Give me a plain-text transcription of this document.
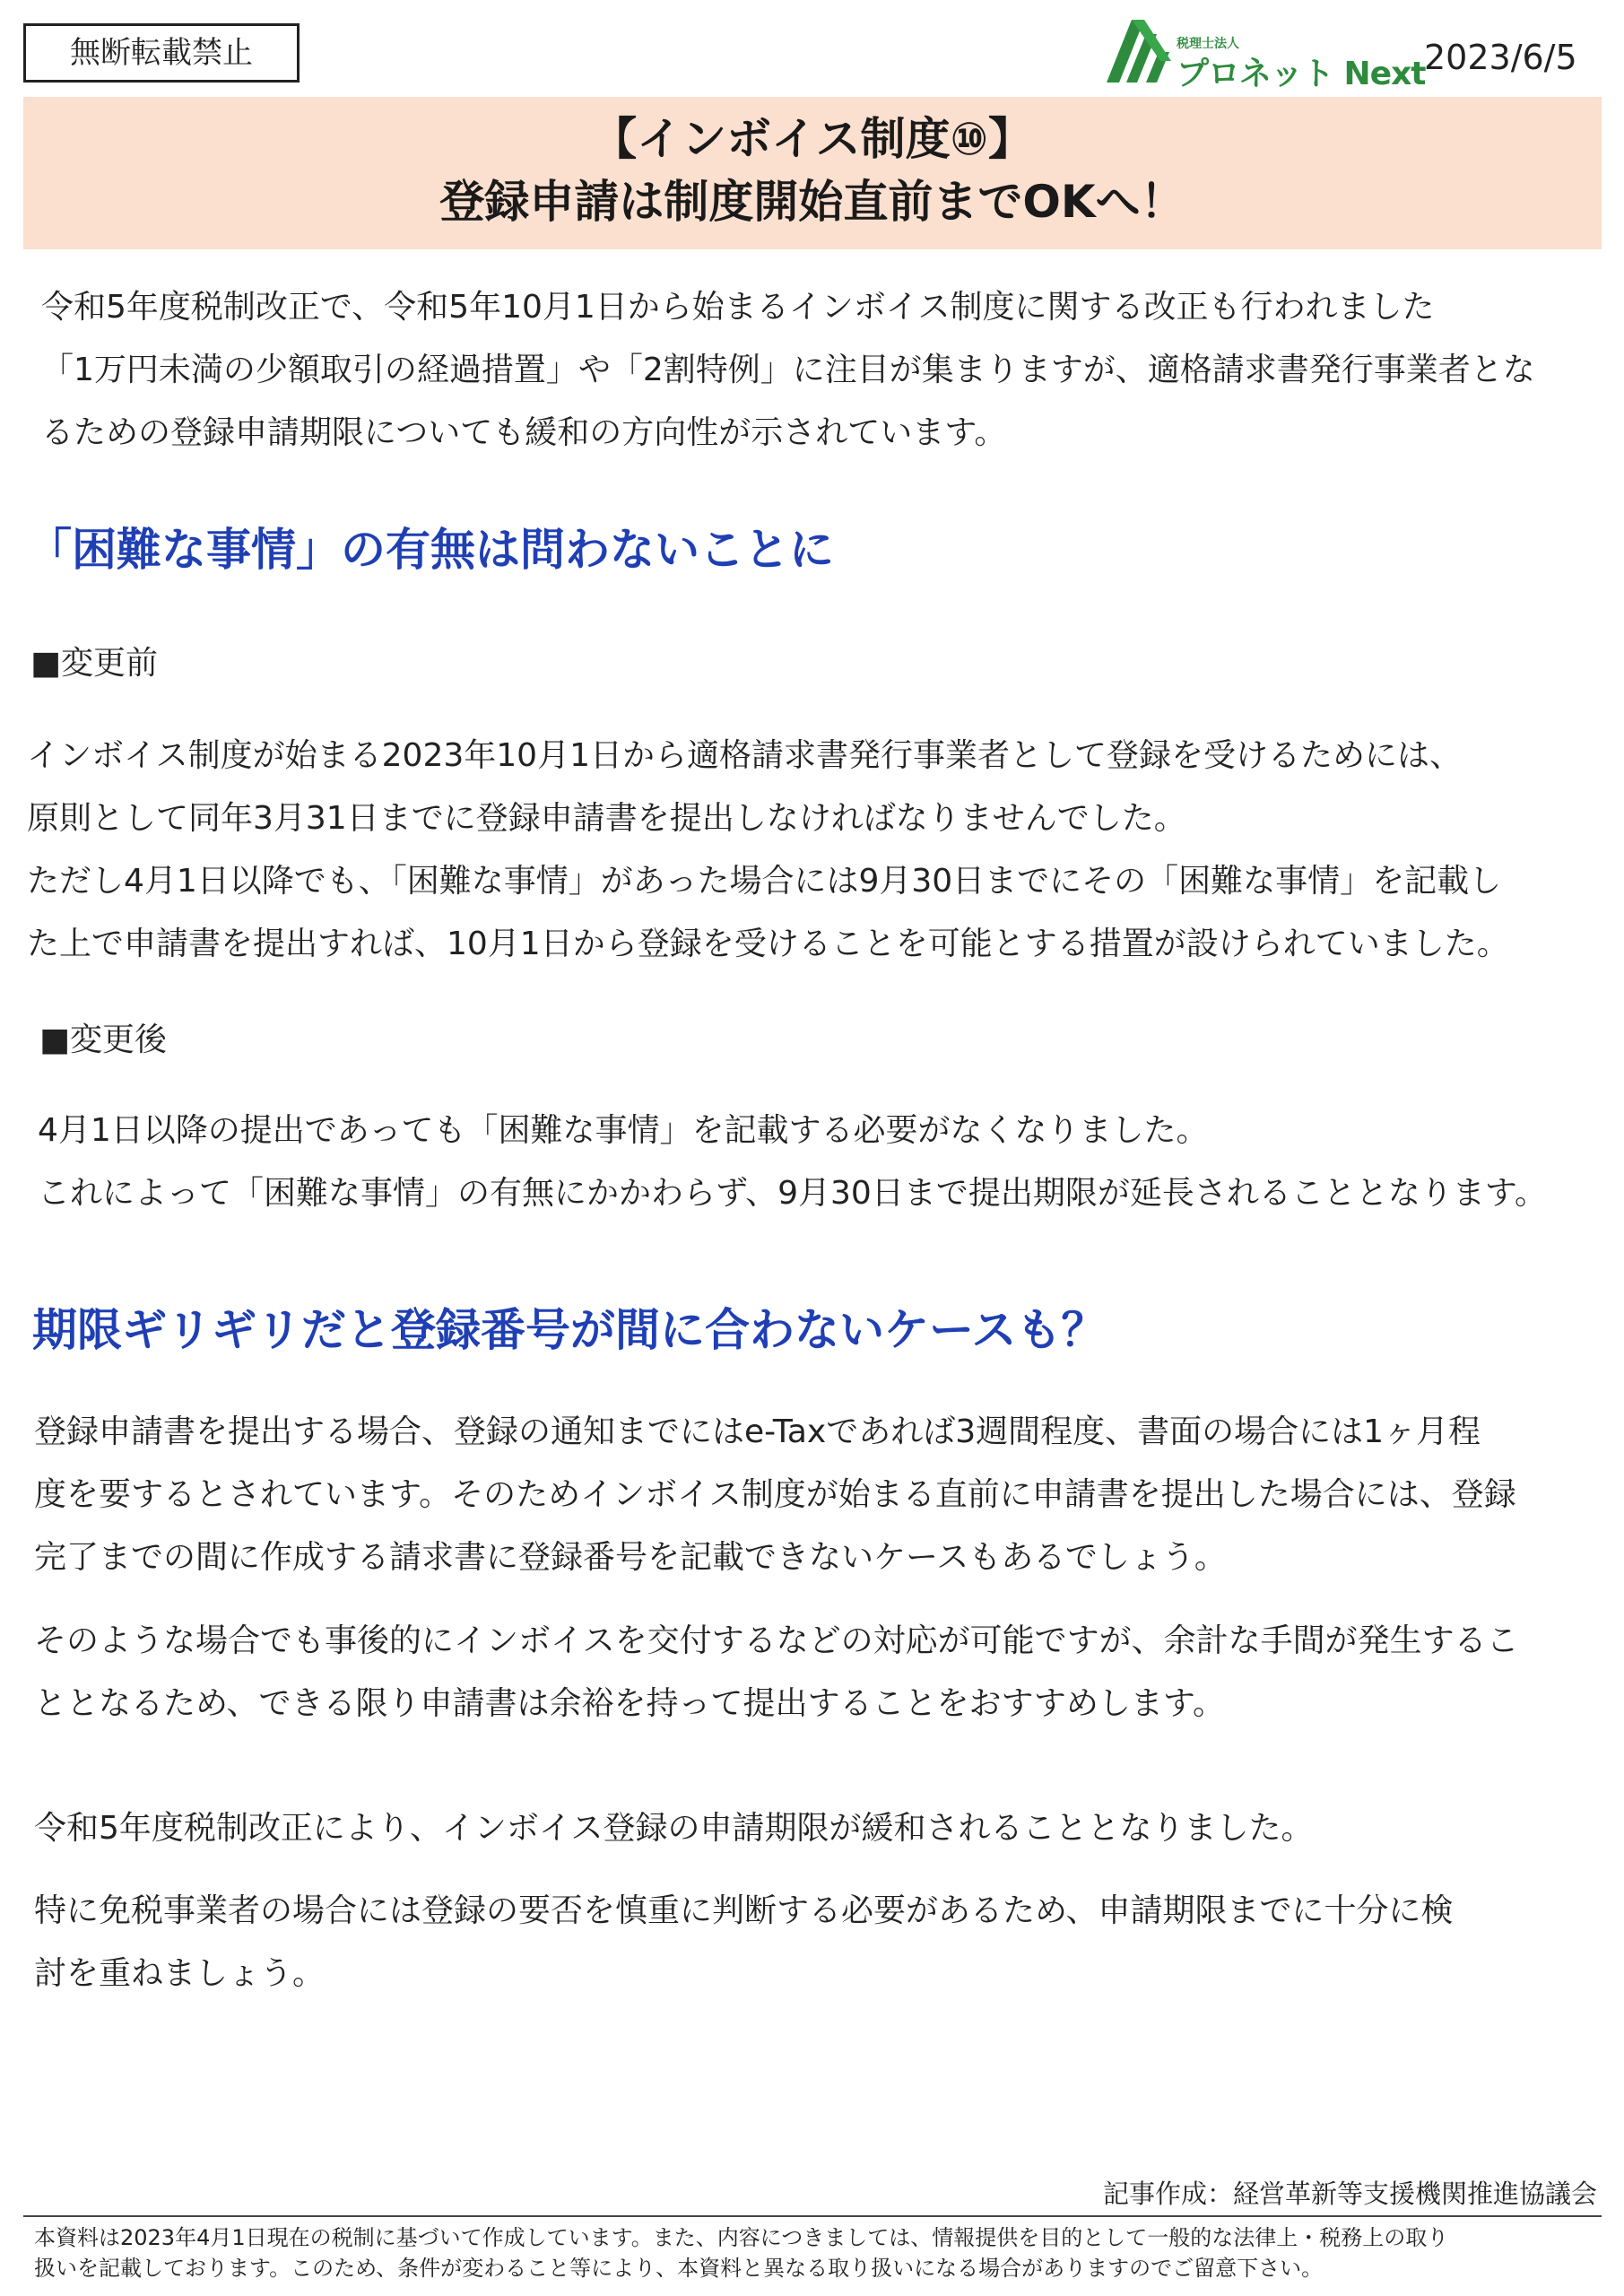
無断転載禁止	税理士法人
プロネット Next
2023/6/5
【インボイス制度⑩】
登録申請は制度開始直前までOKへ！
令和5年度税制改正で、令和5年10月1日から始まるインボイス制度に関する改正も行われました
「1万円未満の少額取引の経過措置」や「2割特例」に注目が集まりますが、適格請求書発行事業者とな
るための登録申請期限についても緩和の方向性が示されています。
「困難な事情」の有無は問わないことに
■変更前
インボイス制度が始まる2023年10月1日から適格請求書発行事業者として登録を受けるためには、
原則として同年3月31日までに登録申請書を提出しなければなりませんでした。
ただし4月1日以降でも、「困難な事情」があった場合には9月30日までにその「困難な事情」を記載し
た上で申請書を提出すれば、10月1日から登録を受けることを可能とする措置が設けられていました。
■変更後
4月1日以降の提出であっても「困難な事情」を記載する必要がなくなりました。
これによって「困難な事情」の有無にかかわらず、9月30日まで提出期限が延長されることとなります。
期限ギリギリだと登録番号が間に合わないケースも？
登録申請書を提出する場合、登録の通知までにはe-Taxであれば3週間程度、書面の場合には1ヶ月程
度を要するとされています。そのためインボイス制度が始まる直前に申請書を提出した場合には、登録
完了までの間に作成する請求書に登録番号を記載できないケースもあるでしょう。
そのような場合でも事後的にインボイスを交付するなどの対応が可能ですが、余計な手間が発生するこ
ととなるため、できる限り申請書は余裕を持って提出することをおすすめします。
令和5年度税制改正により、インボイス登録の申請期限が緩和されることとなりました。
特に免税事業者の場合には登録の要否を慎重に判断する必要があるため、申請期限までに十分に検
討を重ねましょう。
記事作成：経営革新等支援機関推進協議会
本資料は2023年4月1日現在の税制に基づいて作成しています。また、内容につきましては、情報提供を目的として一般的な法律上・税務上の取り
扱いを記載しております。このため、条件が変わること等により、本資料と異なる取り扱いになる場合がありますのでご留意下さい。
